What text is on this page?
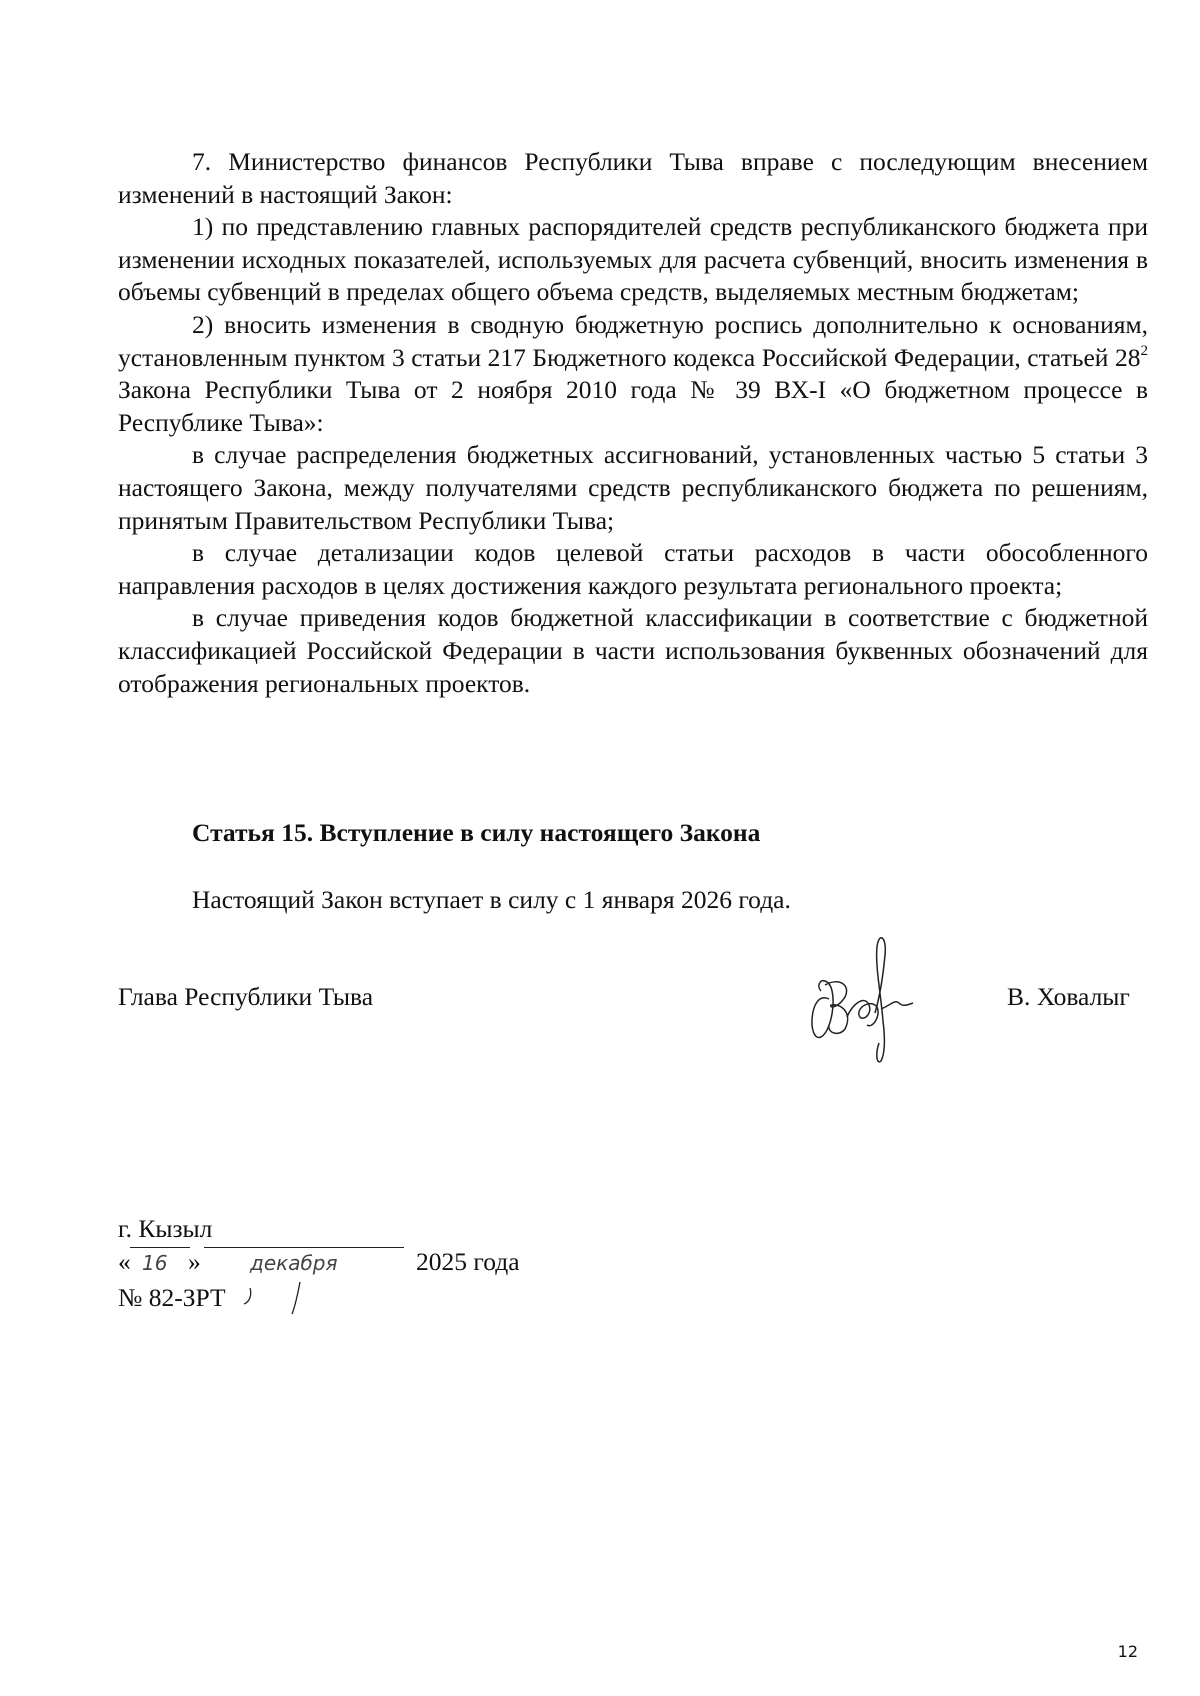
7. Министерство финансов Республики Тыва вправе с последующим внесением изменений в настоящий Закон:

1) по представлению главных распорядителей средств республиканского бюджета при изменении исходных показателей, используемых для расчета субвенций, вносить изменения в объемы субвенций в пределах общего объема средств, выделяемых местным бюджетам;

2) вносить изменения в сводную бюджетную роспись дополнительно к основаниям, установленным пунктом 3 статьи 217 Бюджетного кодекса Российской Федерации, статьей $28^2$ Закона Республики Тыва от 2 ноября 2010 года № 39 ВХ-I «О бюджетном процессе в Республике Тыва»:

в случае распределения бюджетных ассигнований, установленных частью 5 статьи 3 настоящего Закона, между получателями средств республиканского бюджета по решениям, принятым Правительством Республики Тыва;

в случае детализации кодов целевой статьи расходов в части обособленного направления расходов в целях достижения каждого результата регионального проекта;

в случае приведения кодов бюджетной классификации в соответствие с бюджетной классификацией Российской Федерации в части использования буквенных обозначений для отображения региональных проектов.

Статья 15. Вступление в силу настоящего Закона
Настоящий Закон вступает в силу с 1 января 2026 года.
Глава Республики Тыва	В. Ховалыг
г. Кызыл
« 16 » декабря	2025 года
№ 82-ЗРТ
12
